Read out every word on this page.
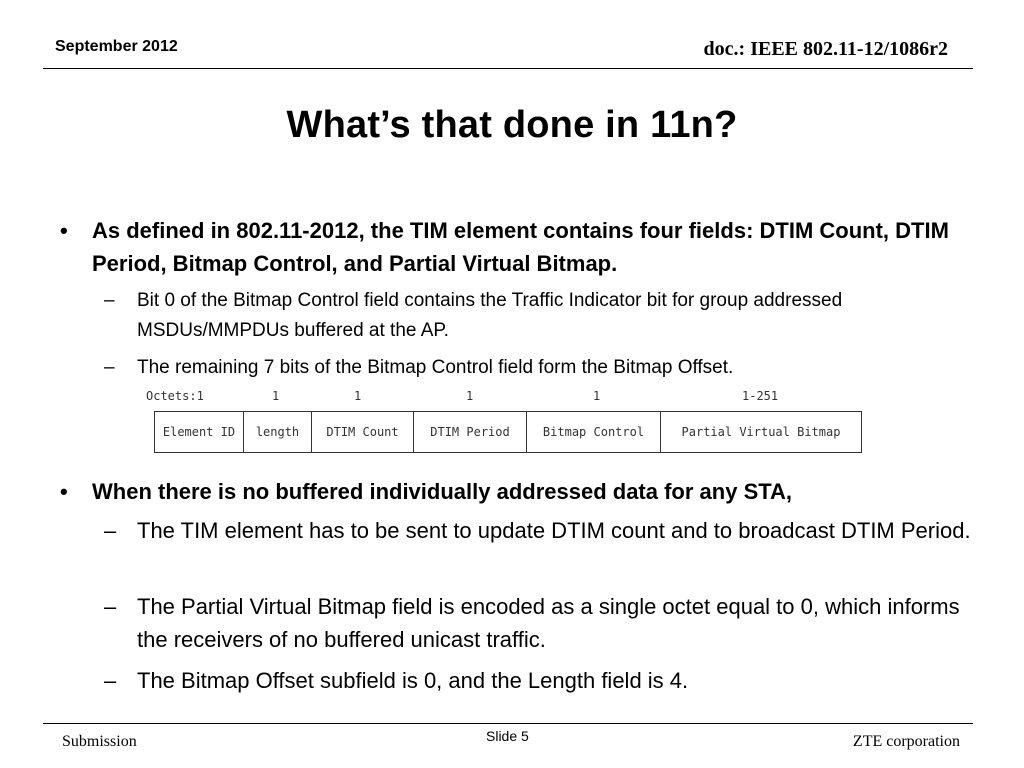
September 2012	doc.: IEEE 802.11-12/1086r2
What’s that done in 11n?
• As defined in 802.11-2012, the TIM element contains four fields: DTIM Count, DTIM Period, Bitmap Control, and Partial Virtual Bitmap.
– Bit 0 of the Bitmap Control field contains the Traffic Indicator bit for group addressed MSDUs/MMPDUs buffered at the AP.
– The remaining 7 bits of the Bitmap Control field form the Bitmap Offset.
Octets:1	1	1	1	1	1-251
Element ID	length	DTIM Count	DTIM Period	Bitmap Control	Partial Virtual Bitmap
• When there is no buffered individually addressed data for any STA,
– The TIM element has to be sent to update DTIM count and to broadcast DTIM Period.
– The Partial Virtual Bitmap field is encoded as a single octet equal to 0, which informs the receivers of no buffered unicast traffic.
– The Bitmap Offset subfield is 0, and the Length field is 4.
Submission	Slide 5	ZTE corporation
